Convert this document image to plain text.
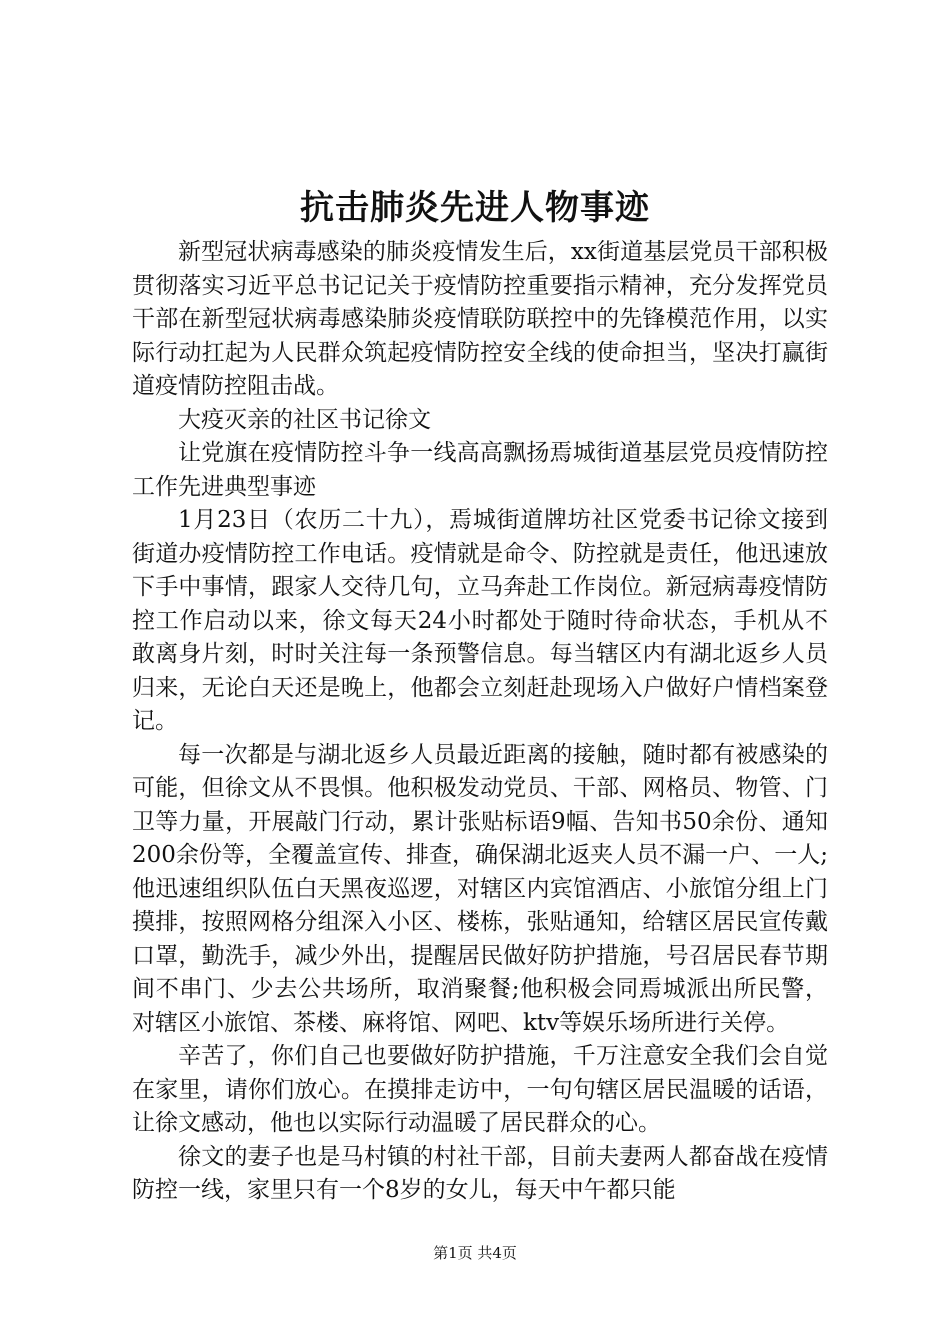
抗击肺炎先进人物事迹

新型冠状病毒感染的肺炎疫情发生后，xx街道基层党员干部积极贯彻落实习近平总书记记关于疫情防控重要指示精神，充分发挥党员干部在新型冠状病毒感染肺炎疫情联防联控中的先锋模范作用，以实际行动扛起为人民群众筑起疫情防控安全线的使命担当，坚决打赢街道疫情防控阻击战。

大疫灭亲的社区书记徐文

让党旗在疫情防控斗争一线高高飘扬焉城街道基层党员疫情防控工作先进典型事迹

1月23日（农历二十九），焉城街道牌坊社区党委书记徐文接到街道办疫情防控工作电话。疫情就是命令、防控就是责任，他迅速放下手中事情，跟家人交待几句，立马奔赴工作岗位。新冠病毒疫情防控工作启动以来，徐文每天24小时都处于随时待命状态，手机从不敢离身片刻，时时关注每一条预警信息。每当辖区内有湖北返乡人员归来，无论白天还是晚上，他都会立刻赶赴现场入户做好户情档案登记。

每一次都是与湖北返乡人员最近距离的接触，随时都有被感染的可能，但徐文从不畏惧。他积极发动党员、干部、网格员、物管、门卫等力量，开展敲门行动，累计张贴标语9幅、告知书50余份、通知200余份等，全覆盖宣传、排查，确保湖北返夹人员不漏一户、一人;他迅速组织队伍白天黑夜巡逻，对辖区内宾馆酒店、小旅馆分组上门摸排，按照网格分组深入小区、楼栋，张贴通知，给辖区居民宣传戴口罩，勤洗手，减少外出，提醒居民做好防护措施，号召居民春节期间不串门、少去公共场所，取消聚餐;他积极会同焉城派出所民警，对辖区小旅馆、茶楼、麻将馆、网吧、ktv等娱乐场所进行关停。

辛苦了，你们自己也要做好防护措施，千万注意安全我们会自觉在家里，请你们放心。在摸排走访中，一句句辖区居民温暖的话语，让徐文感动，他也以实际行动温暖了居民群众的心。

徐文的妻子也是马村镇的村社干部，目前夫妻两人都奋战在疫情防控一线，家里只有一个8岁的女儿，每天中午都只能

第1页 共4页
